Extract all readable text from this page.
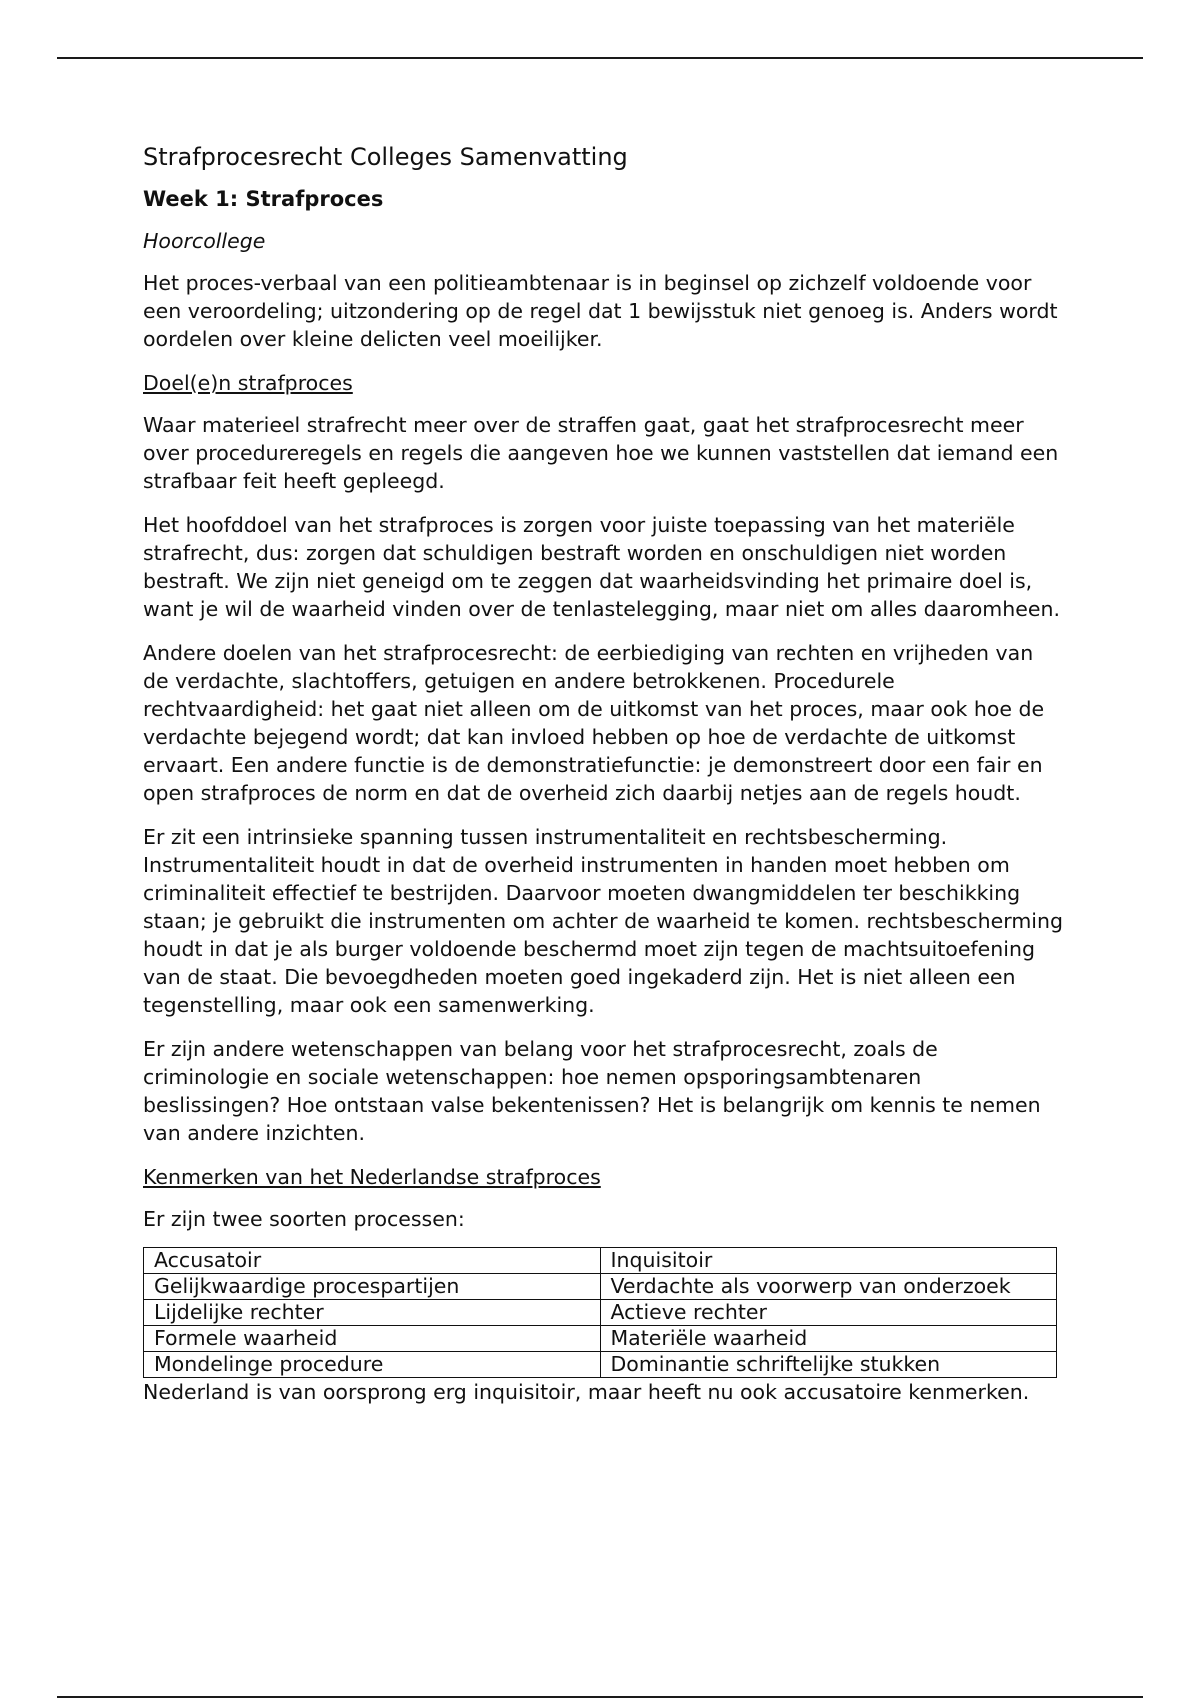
Strafprocesrecht Colleges Samenvatting
Week 1: Strafproces
Hoorcollege

Het proces-verbaal van een politieambtenaar is in beginsel op zichzelf voldoende voor een veroordeling; uitzondering op de regel dat 1 bewijsstuk niet genoeg is. Anders wordt oordelen over kleine delicten veel moeilijker.

Doel(e)n strafproces

Waar materieel strafrecht meer over de straffen gaat, gaat het strafprocesrecht meer over procedureregels en regels die aangeven hoe we kunnen vaststellen dat iemand een strafbaar feit heeft gepleegd.

Het hoofddoel van het strafproces is zorgen voor juiste toepassing van het materiële strafrecht, dus: zorgen dat schuldigen bestraft worden en onschuldigen niet worden bestraft. We zijn niet geneigd om te zeggen dat waarheidsvinding het primaire doel is, want je wil de waarheid vinden over de tenlastelegging, maar niet om alles daaromheen.

Andere doelen van het strafprocesrecht: de eerbiediging van rechten en vrijheden van de verdachte, slachtoffers, getuigen en andere betrokkenen. Procedurele rechtvaardigheid: het gaat niet alleen om de uitkomst van het proces, maar ook hoe de verdachte bejegend wordt; dat kan invloed hebben op hoe de verdachte de uitkomst ervaart. Een andere functie is de demonstratiefunctie: je demonstreert door een fair en open strafproces de norm en dat de overheid zich daarbij netjes aan de regels houdt.

Er zit een intrinsieke spanning tussen instrumentaliteit en rechtsbescherming. Instrumentaliteit houdt in dat de overheid instrumenten in handen moet hebben om criminaliteit effectief te bestrijden. Daarvoor moeten dwangmiddelen ter beschikking staan; je gebruikt die instrumenten om achter de waarheid te komen. rechtsbescherming houdt in dat je als burger voldoende beschermd moet zijn tegen de machtsuitoefening van de staat. Die bevoegdheden moeten goed ingekaderd zijn. Het is niet alleen een tegenstelling, maar ook een samenwerking.

Er zijn andere wetenschappen van belang voor het strafprocesrecht, zoals de criminologie en sociale wetenschappen: hoe nemen opsporingsambtenaren beslissingen? Hoe ontstaan valse bekentenissen? Het is belangrijk om kennis te nemen van andere inzichten.

Kenmerken van het Nederlandse strafproces

Er zijn twee soorten processen:

Accusatoir	Inquisitoir
Gelijkwaardige procespartijen	Verdachte als voorwerp van onderzoek
Lijdelijke rechter	Actieve rechter
Formele waarheid	Materiële waarheid
Mondelinge procedure	Dominantie schriftelijke stukken

Nederland is van oorsprong erg inquisitoir, maar heeft nu ook accusatoire kenmerken.
